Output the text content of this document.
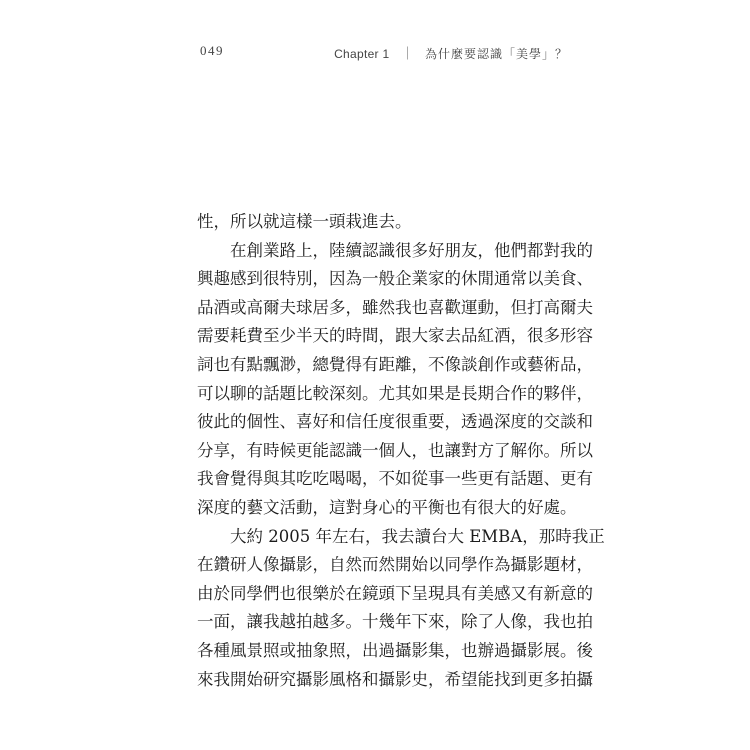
049	Chapter 1 ｜ 為什麼要認識「美學」？
性，所以就這樣一頭栽進去。
在創業路上，陸續認識很多好朋友，他們都對我的
興趣感到很特別，因為一般企業家的休閒通常以美食、
品酒或高爾夫球居多，雖然我也喜歡運動，但打高爾夫
需要耗費至少半天的時間，跟大家去品紅酒，很多形容
詞也有點飄渺，總覺得有距離，不像談創作或藝術品，
可以聊的話題比較深刻。尤其如果是長期合作的夥伴，
彼此的個性、喜好和信任度很重要，透過深度的交談和
分享，有時候更能認識一個人，也讓對方了解你。所以
我會覺得與其吃吃喝喝，不如從事一些更有話題、更有
深度的藝文活動，這對身心的平衡也有很大的好處。
大約 2005 年左右，我去讀台大 EMBA，那時我正
在鑽研人像攝影，自然而然開始以同學作為攝影題材，
由於同學們也很樂於在鏡頭下呈現具有美感又有新意的
一面，讓我越拍越多。十幾年下來，除了人像，我也拍
各種風景照或抽象照，出過攝影集，也辦過攝影展。後
來我開始研究攝影風格和攝影史，希望能找到更多拍攝
